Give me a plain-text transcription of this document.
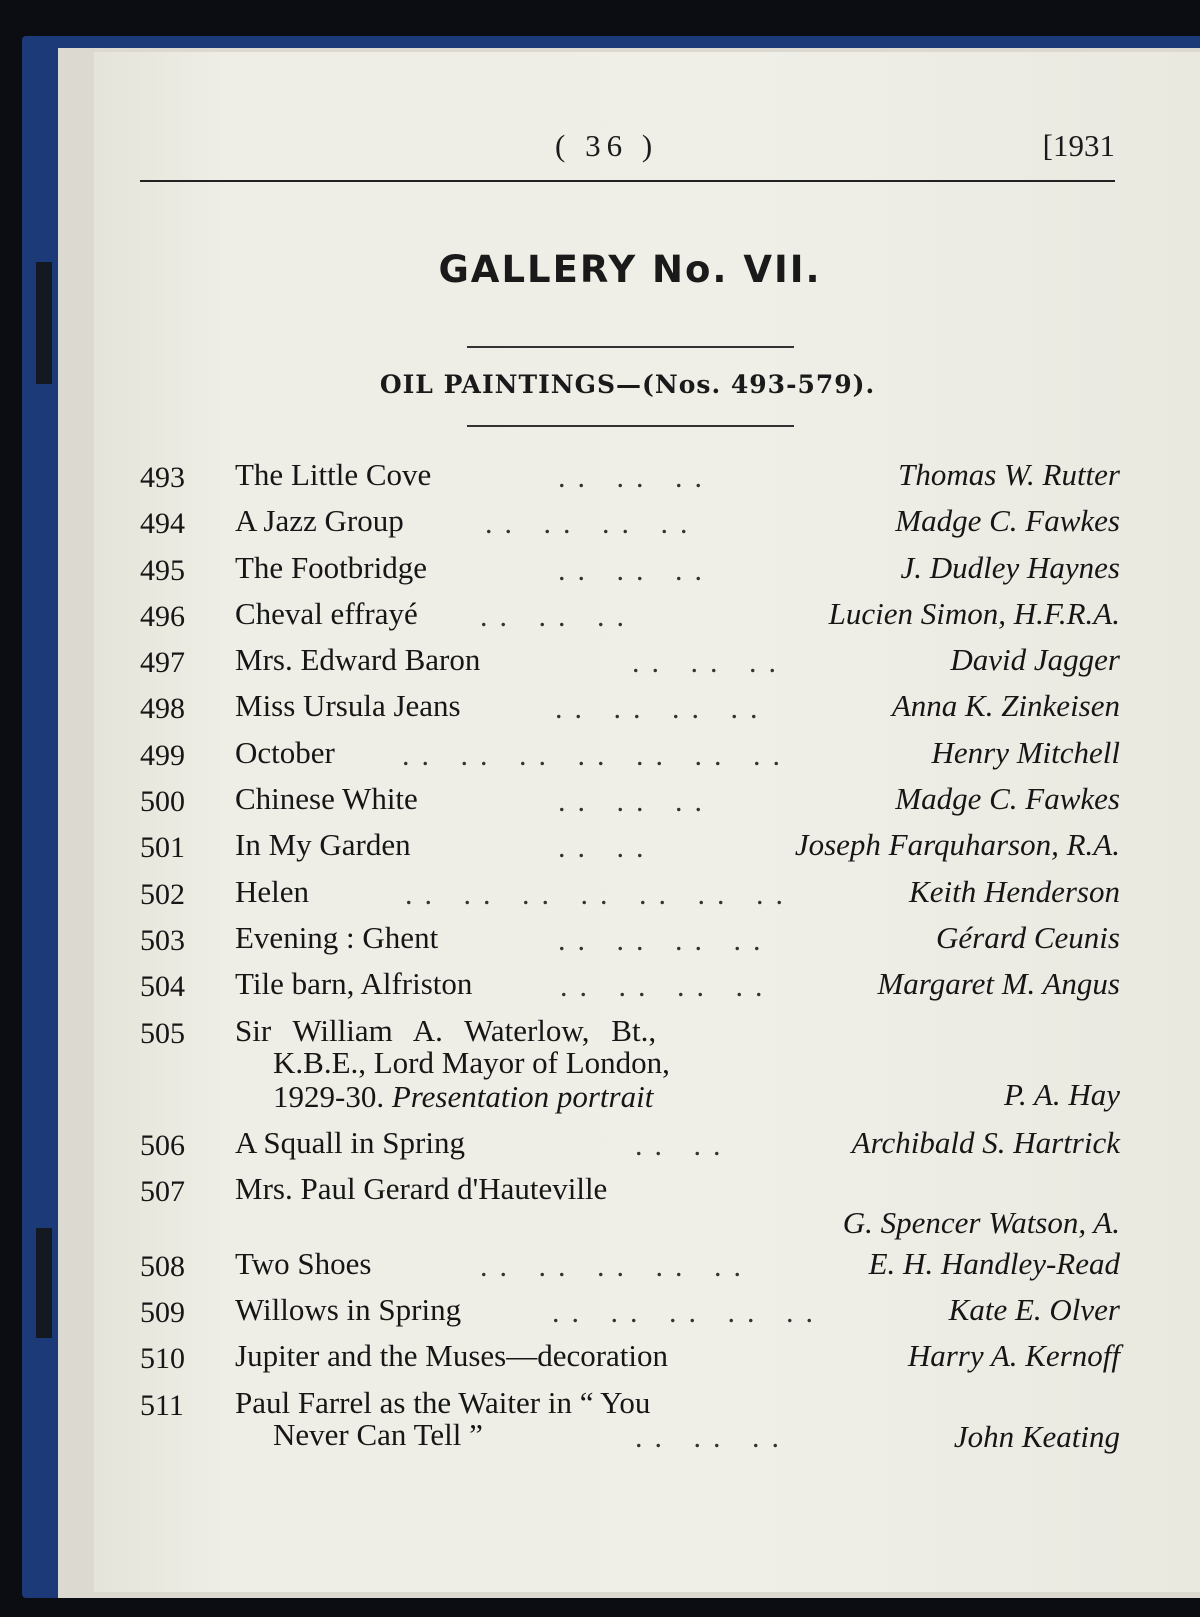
( 36 )	[1931
GALLERY No. VII.
OIL PAINTINGS—(Nos. 493-579).
493	The Little Cove	.. .. ..	Thomas W. Rutter
494	A Jazz Group	.. .. .. ..	Madge C. Fawkes
495	The Footbridge	.. .. ..	J. Dudley Haynes
496	Cheval effrayé .. .. ..	Lucien Simon, H.F.R.A.
497	Mrs. Edward Baron	.. .. ..	David Jagger
498	Miss Ursula Jeans	.. .. .. ..	Anna K. Zinkeisen
499	October .. .. .. .. .. .. ..	Henry Mitchell
500	Chinese White	.. .. ..	Madge C. Fawkes
501	In My Garden	.. ..	Joseph Farquharson, R.A.
502	Helen	.. .. .. .. .. .. ..	Keith Henderson
503	Evening : Ghent	.. .. .. ..	Gérard Ceunis
504	Tile barn, Alfriston	.. .. .. ..	Margaret M. Angus
505	Sir William A. Waterlow, Bt.,
K.B.E., Lord Mayor of London,
1929-30. Presentation portrait	P. A. Hay
506	A Squall in Spring	.. ..	Archibald S. Hartrick
507	Mrs. Paul Gerard d'Hauteville
G. Spencer Watson, A.
508	Two Shoes	.. .. .. .. ..	E. H. Handley-Read
509	Willows in Spring	.. .. .. .. ..	Kate E. Olver
510	Jupiter and the Muses—decoration	Harry A. Kernoff
511	Paul Farrel as the Waiter in “ You
Never Can Tell ”	.. .. ..	John Keating
